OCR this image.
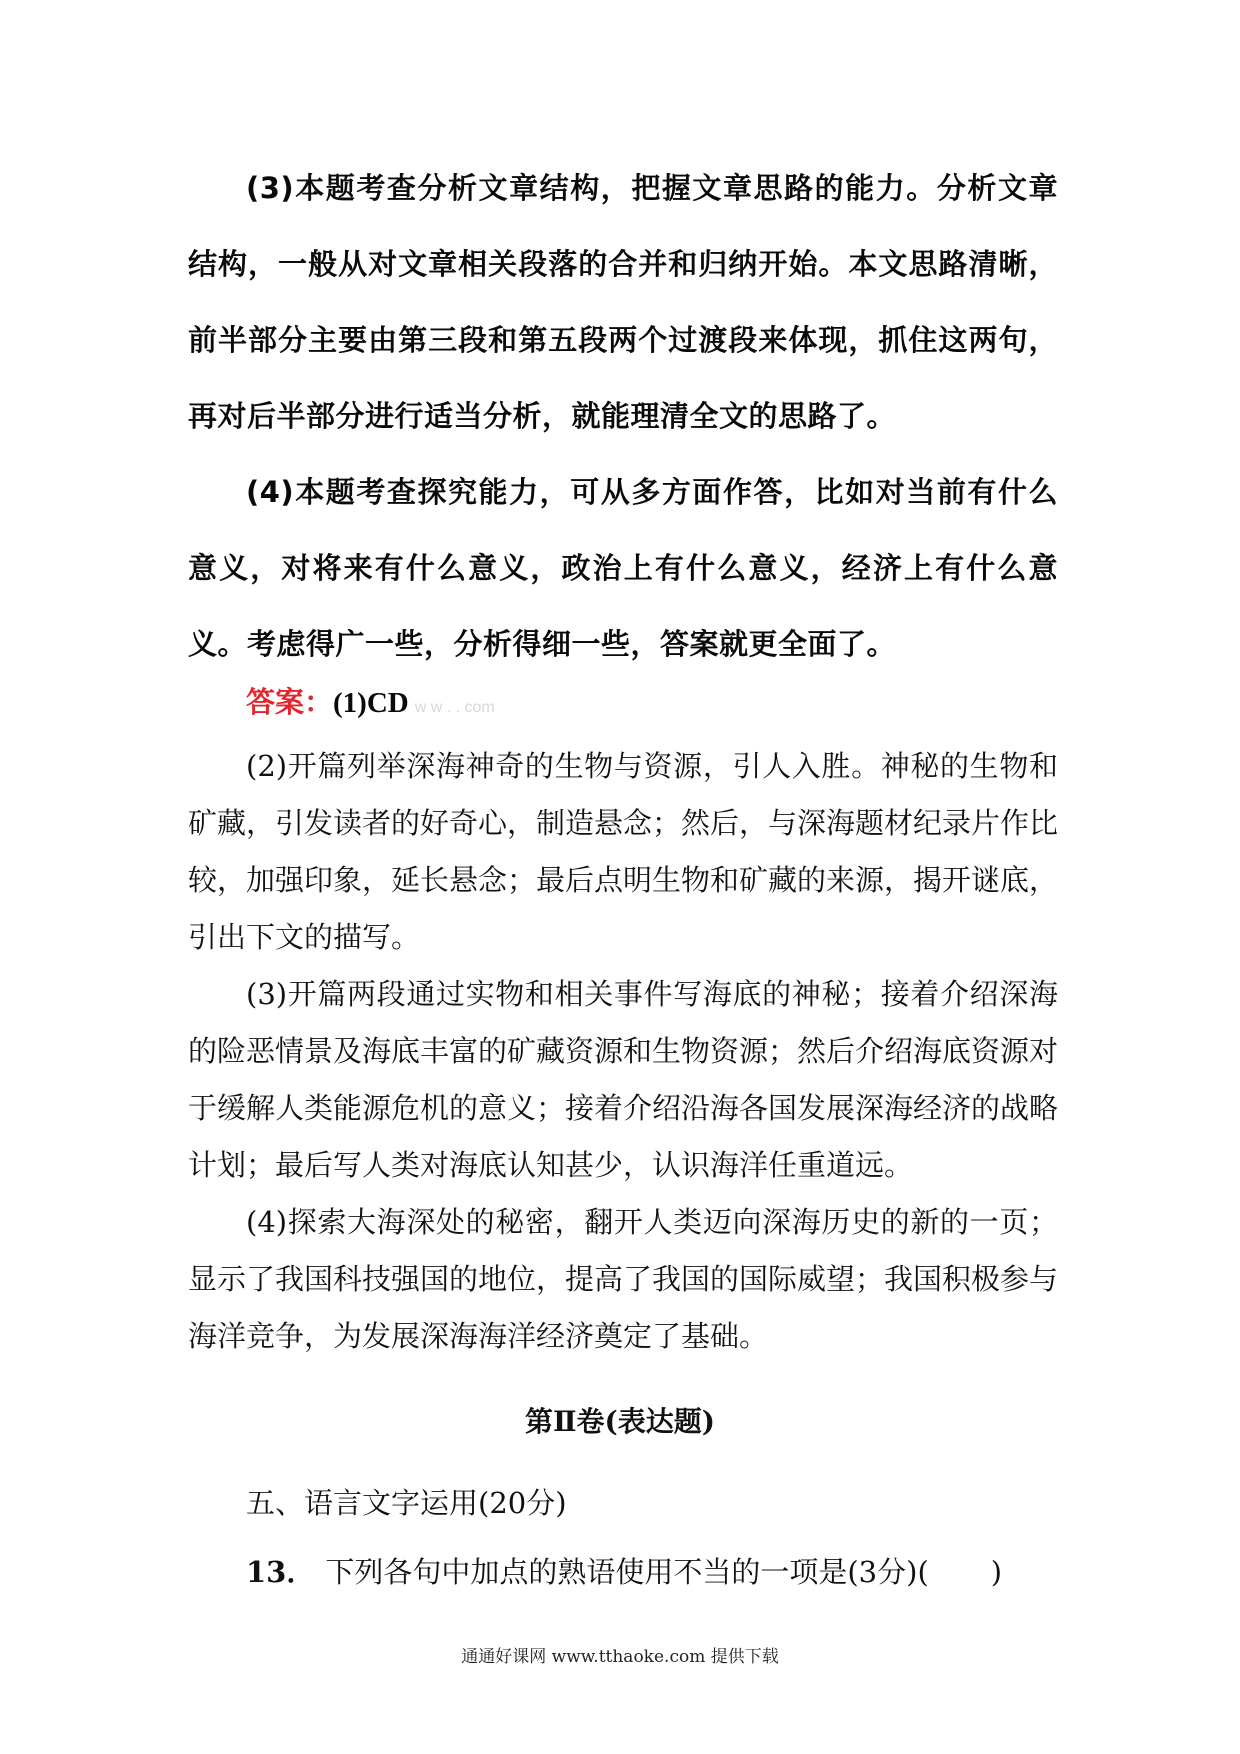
(3)本题考查分析文章结构，把握文章思路的能力。分析文章结构，一般从对文章相关段落的合并和归纳开始。本文思路清晰，前半部分主要由第三段和第五段两个过渡段来体现，抓住这两句，再对后半部分进行适当分析，就能理清全文的思路了。

(4)本题考查探究能力，可从多方面作答，比如对当前有什么意义，对将来有什么意义，政治上有什么意义，经济上有什么意义。考虑得广一些，分析得细一些，答案就更全面了。

答案：(1)CD w w . . com

(2)开篇列举深海神奇的生物与资源，引人入胜。神秘的生物和矿藏，引发读者的好奇心，制造悬念；然后，与深海题材纪录片作比较，加强印象，延长悬念；最后点明生物和矿藏的来源，揭开谜底，引出下文的描写。

(3)开篇两段通过实物和相关事件写海底的神秘；接着介绍深海的险恶情景及海底丰富的矿藏资源和生物资源；然后介绍海底资源对于缓解人类能源危机的意义；接着介绍沿海各国发展深海经济的战略计划；最后写人类对海底认知甚少，认识海洋任重道远。

(4)探索大海深处的秘密，翻开人类迈向深海历史的新的一页；显示了我国科技强国的地位，提高了我国的国际威望；我国积极参与海洋竞争，为发展深海海洋经济奠定了基础。

第Ⅱ卷(表达题)
五、语言文字运用(20分)
13． 下列各句中加点的熟语使用不当的一项是(3分)( )
通通好课网 www.tthaoke.com 提供下载
